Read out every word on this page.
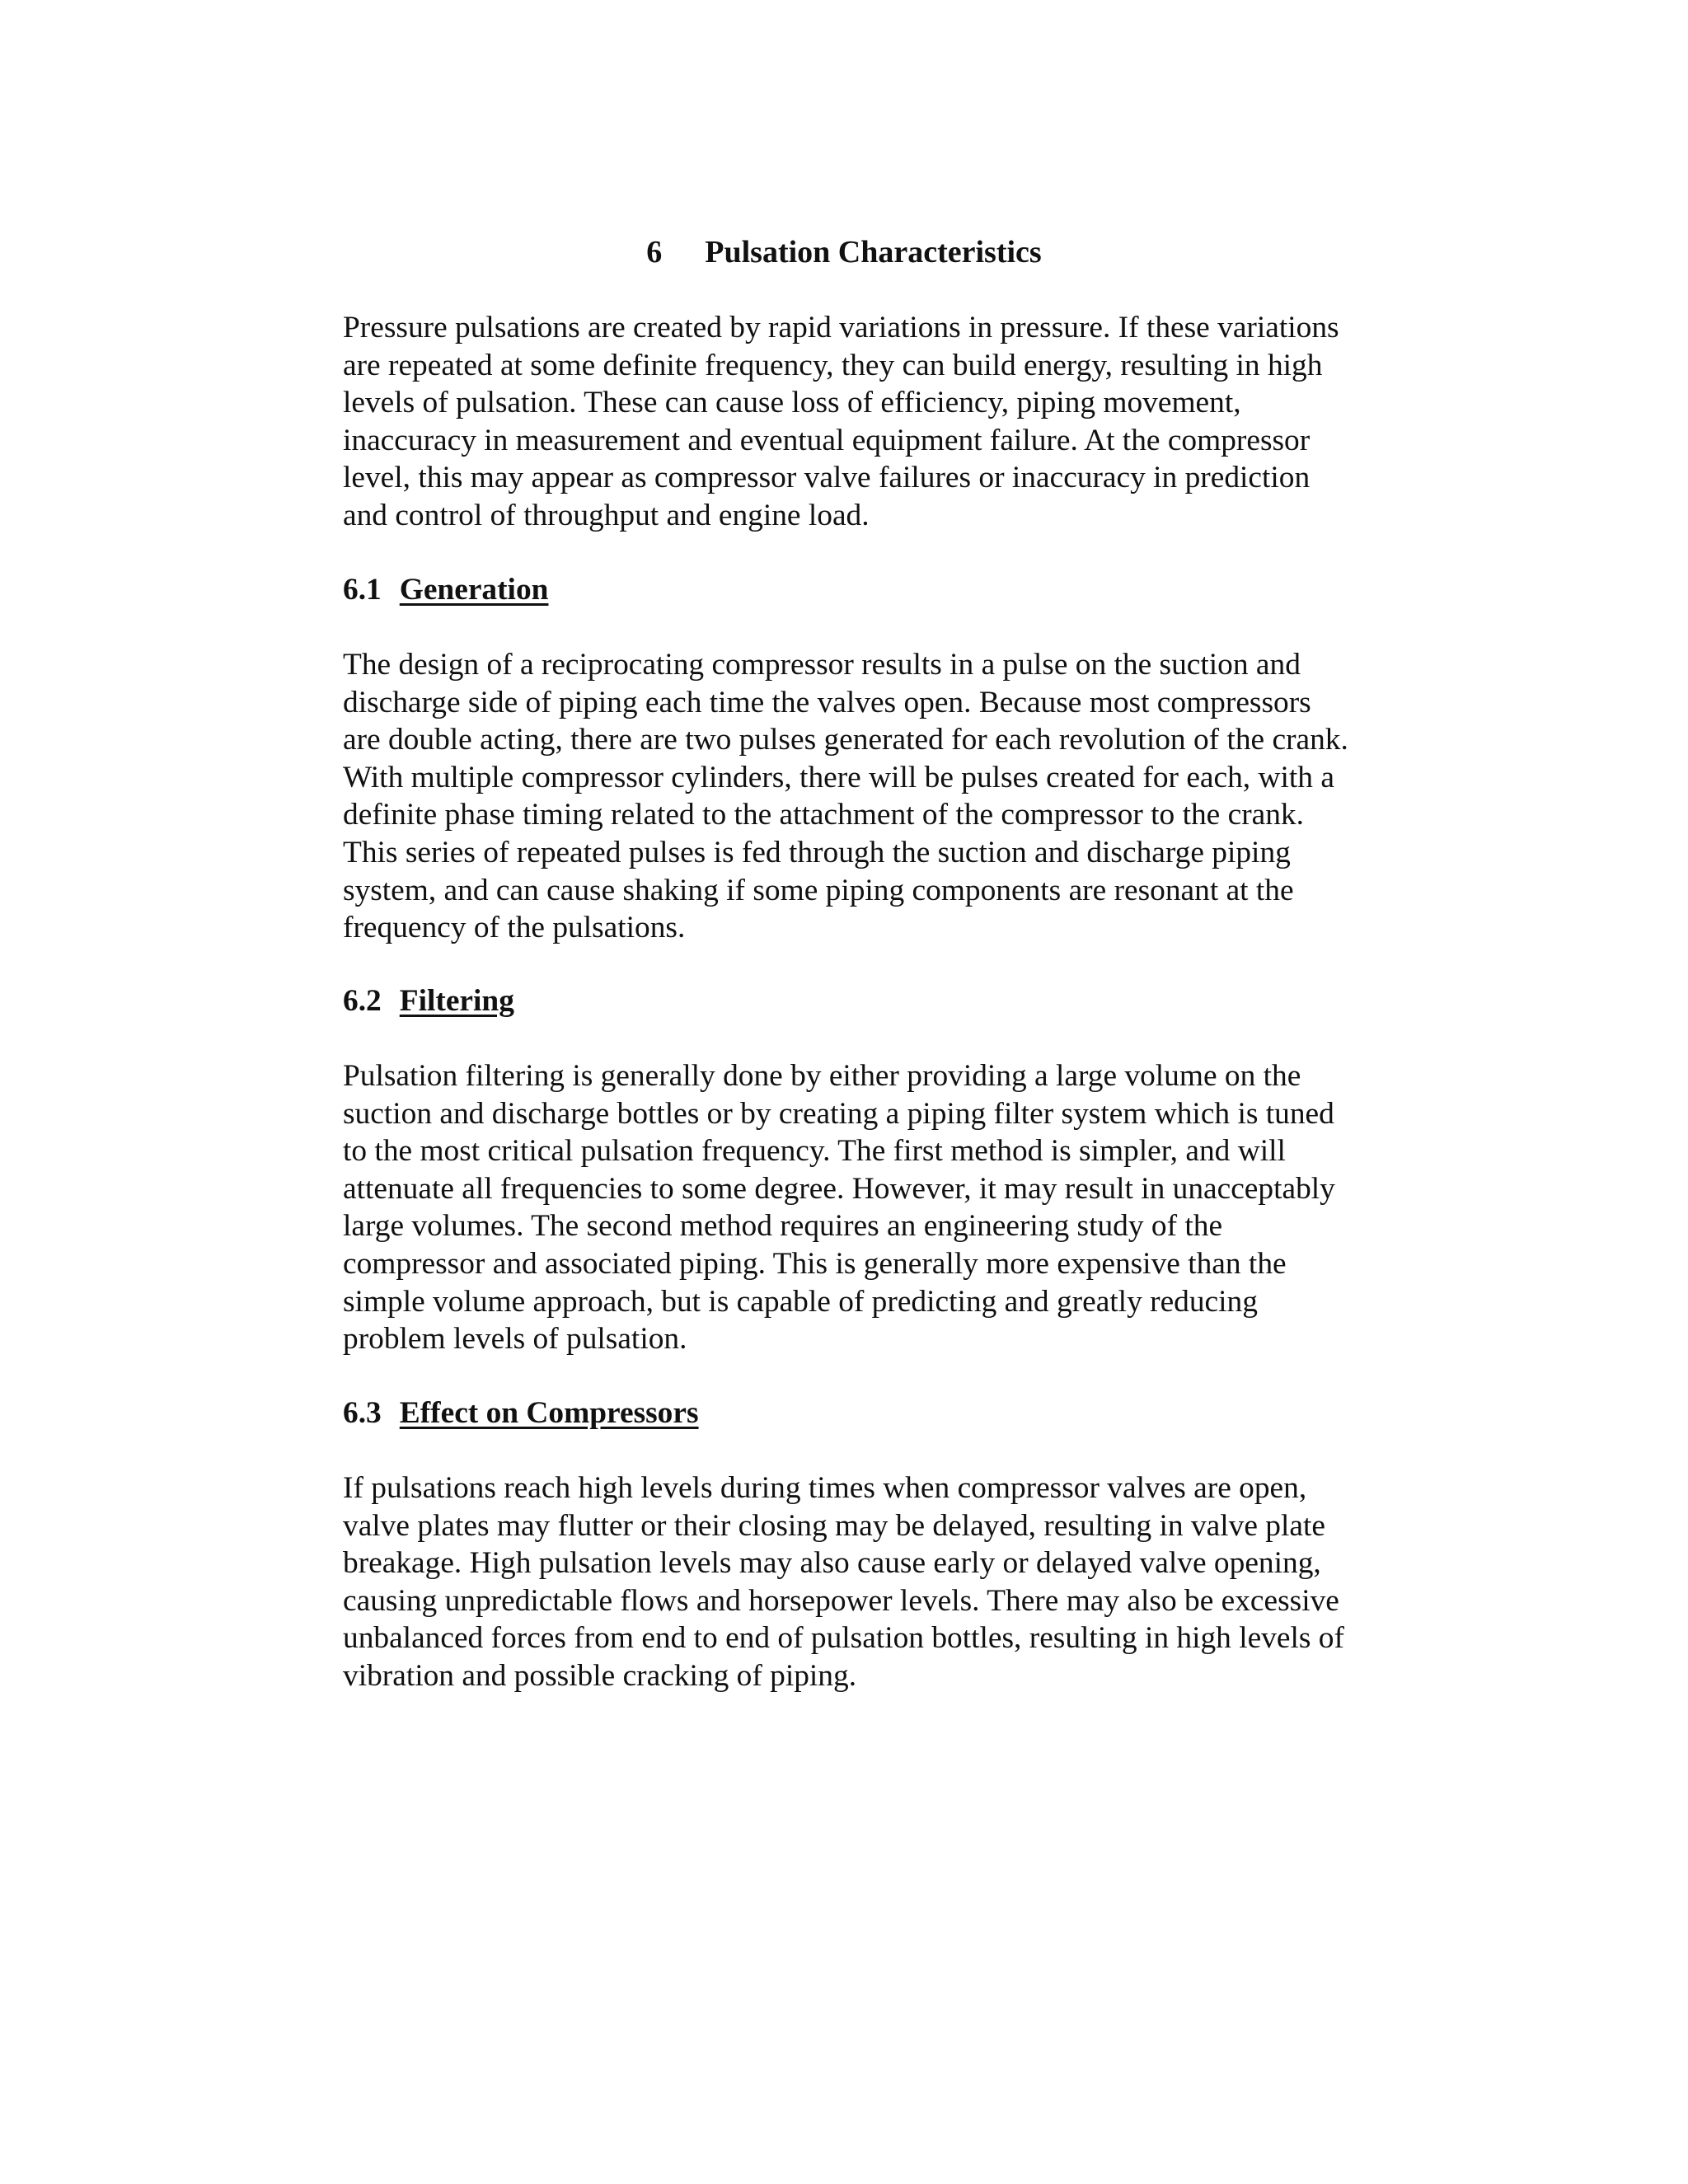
6 Pulsation Characteristics

Pressure pulsations are created by rapid variations in pressure. If these variations
are repeated at some definite frequency, they can build energy, resulting in high
levels of pulsation. These can cause loss of efficiency, piping movement,
inaccuracy in measurement and eventual equipment failure. At the compressor
level, this may appear as compressor valve failures or inaccuracy in prediction
and control of throughput and engine load.

6.1 Generation

The design of a reciprocating compressor results in a pulse on the suction and
discharge side of piping each time the valves open. Because most compressors
are double acting, there are two pulses generated for each revolution of the crank.
With multiple compressor cylinders, there will be pulses created for each, with a
definite phase timing related to the attachment of the compressor to the crank.
This series of repeated pulses is fed through the suction and discharge piping
system, and can cause shaking if some piping components are resonant at the
frequency of the pulsations.

6.2 Filtering

Pulsation filtering is generally done by either providing a large volume on the
suction and discharge bottles or by creating a piping filter system which is tuned
to the most critical pulsation frequency. The first method is simpler, and will
attenuate all frequencies to some degree. However, it may result in unacceptably
large volumes. The second method requires an engineering study of the
compressor and associated piping. This is generally more expensive than the
simple volume approach, but is capable of predicting and greatly reducing
problem levels of pulsation.

6.3 Effect on Compressors

If pulsations reach high levels during times when compressor valves are open,
valve plates may flutter or their closing may be delayed, resulting in valve plate
breakage. High pulsation levels may also cause early or delayed valve opening,
causing unpredictable flows and horsepower levels. There may also be excessive
unbalanced forces from end to end of pulsation bottles, resulting in high levels of
vibration and possible cracking of piping.
